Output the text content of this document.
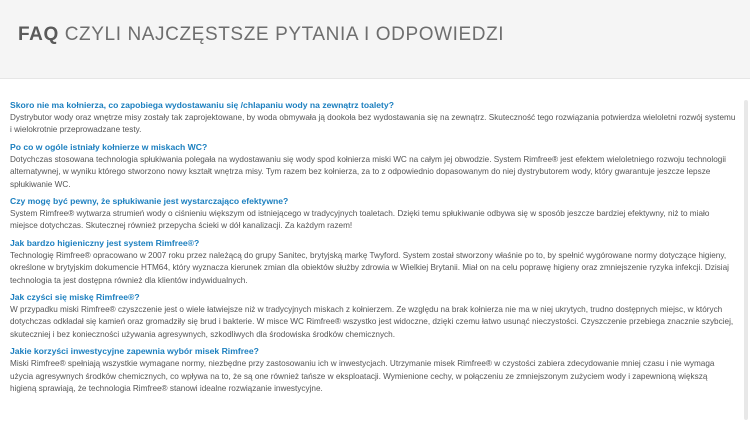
FAQ CZYLI NAJCZĘSTSZE PYTANIA I ODPOWIEDZI
Skoro nie ma kołnierza, co zapobiega wydostawaniu się /chlapaniu wody na zewnątrz toalety?
Dystrybutor wody oraz wnętrze misy zostały tak zaprojektowane, by woda obmywała ją dookoła bez wydostawania się na zewnątrz. Skuteczność tego rozwiązania potwierdza wieloletni rozwój systemu i wielokrotnie przeprowadzane testy.
Po co w ogóle istniały kołnierze w miskach WC?
Dotychczas stosowana technologia spłukiwania polegała na wydostawaniu się wody spod kołnierza miski WC na całym jej obwodzie. System Rimfree® jest efektem wieloletniego rozwoju technologii alternatywnej, w wyniku którego stworzono nowy kształt wnętrza misy. Tym razem bez kołnierza, za to z odpowiednio dopasowanym do niej dystrybutorem wody, który gwarantuje jeszcze lepsze spłukiwanie WC.
Czy mogę być pewny, że spłukiwanie jest wystarczająco efektywne?
System Rimfree® wytwarza strumień wody o ciśnieniu większym od istniejącego w tradycyjnych toaletach. Dzięki temu spłukiwanie odbywa się w sposób jeszcze bardziej efektywny, niż to miało miejsce dotychczas. Skutecznej również przepycha ścieki w dół kanalizacji. Za każdym razem!
Jak bardzo higieniczny jest system Rimfree®?
Technologię Rimfree® opracowano w 2007 roku przez należącą do grupy Sanitec, brytyjską markę Twyford. System został stworzony właśnie po to, by spełnić wygórowane normy dotyczące higieny, określone w brytyjskim dokumencie HTM64, który wyznacza kierunek zmian dla obiektów służby zdrowia w Wielkiej Brytanii. Miał on na celu poprawę higieny oraz zmniejszenie ryzyka infekcji. Dzisiaj technologia ta jest dostępna również dla klientów indywidualnych.
Jak czyści się miskę Rimfree®?
W przypadku miski Rimfree® czyszczenie jest o wiele łatwiejsze niż w tradycyjnych miskach z kołnierzem. Ze względu na brak kołnierza nie ma w niej ukrytych, trudno dostępnych miejsc, w których dotychczas odkładał się kamień oraz gromadziły się brud i bakterie. W misce WC Rimfree® wszystko jest widoczne, dzięki czemu łatwo usunąć nieczystości. Czyszczenie przebiega znacznie szybciej, skuteczniej i bez konieczności używania agresywnych, szkodliwych dla środowiska środków chemicznych.
Jakie korzyści inwestycyjne zapewnia wybór misek Rimfree?
Miski Rimfree® spełniają wszystkie wymagane normy, niezbędne przy zastosowaniu ich w inwestycjach. Utrzymanie misek Rimfree® w czystości zabiera zdecydowanie mniej czasu i nie wymaga użycia agresywnych środków chemicznych, co wpływa na to, że są one również tańsze w eksploatacji. Wymienione cechy, w połączeniu ze zmniejszonym zużyciem wody i zapewnioną większą higieną sprawiają, że technologia Rimfree® stanowi idealne rozwiązanie inwestycyjne.
